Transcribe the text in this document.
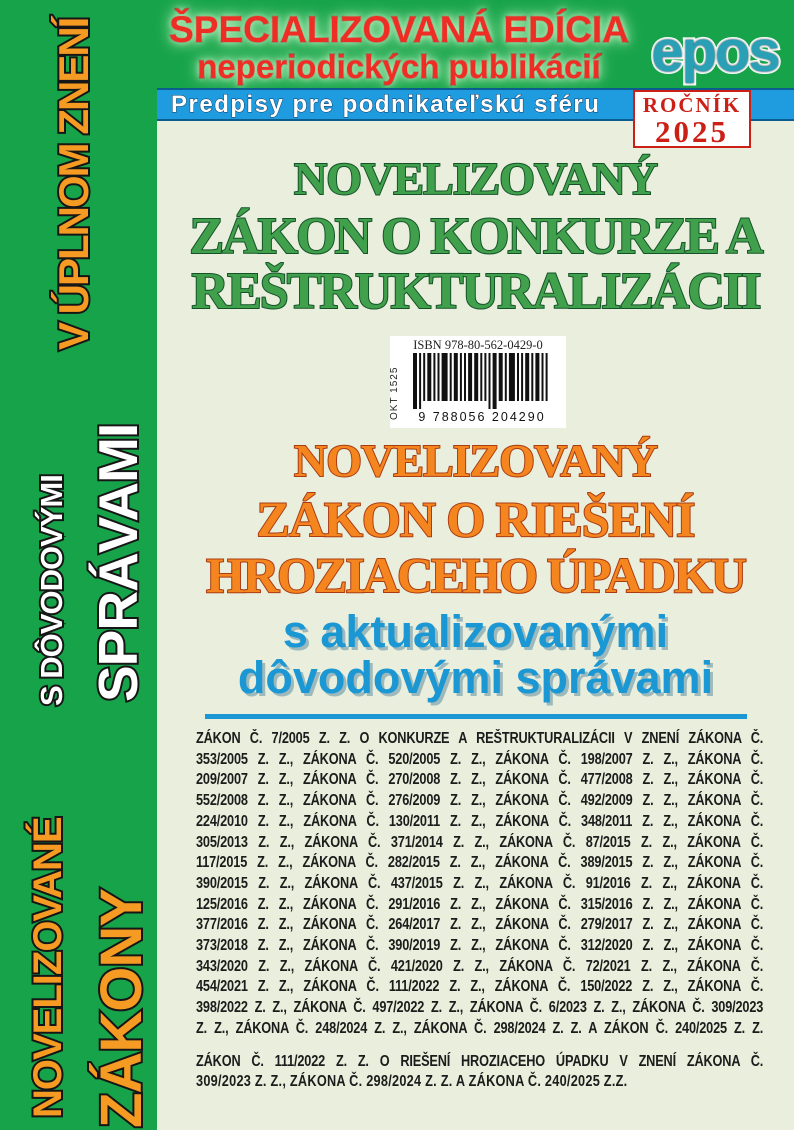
NOVELIZOVANÉ ZÁKONY
S DÔVODOVÝMI SPRÁVAMI
V ÚPLNOM ZNENÍ ŠPECIALIZOVANÁ EDÍCIA
neperiodických publikácií epos
Predpisy pre podnikateľskú sféru	ROČNÍK
2025
NOVELIZOVANÝ
ZÁKON O KONKURZE A
REŠTRUKTURALIZÁCII
ISBN 978-80-562-0429-0
OKT 1525	9 788056 204290
NOVELIZOVANÝ
ZÁKON O RIEŠENÍ
HROZIACEHO ÚPADKU
s aktualizovanými
dôvodovými správami
ZÁKON Č. 7/2005 Z. Z. O KONKURZE A REŠTRUKTURALIZÁCII V ZNENÍ ZÁKONA Č.
353/2005 Z. Z., ZÁKONA Č. 520/2005 Z. Z., ZÁKONA Č. 198/2007 Z. Z., ZÁKONA Č.
209/2007 Z. Z., ZÁKONA Č. 270/2008 Z. Z., ZÁKONA Č. 477/2008 Z. Z., ZÁKONA Č.
552/2008 Z. Z., ZÁKONA Č. 276/2009 Z. Z., ZÁKONA Č. 492/2009 Z. Z., ZÁKONA Č.
224/2010 Z. Z., ZÁKONA Č. 130/2011 Z. Z., ZÁKONA Č. 348/2011 Z. Z., ZÁKONA Č.
305/2013 Z. Z., ZÁKONA Č. 371/2014 Z. Z., ZÁKONA Č. 87/2015 Z. Z., ZÁKONA Č.
117/2015 Z. Z., ZÁKONA Č. 282/2015 Z. Z., ZÁKONA Č. 389/2015 Z. Z., ZÁKONA Č.
390/2015 Z. Z., ZÁKONA Č. 437/2015 Z. Z., ZÁKONA Č. 91/2016 Z. Z., ZÁKONA Č.
125/2016 Z. Z., ZÁKONA Č. 291/2016 Z. Z., ZÁKONA Č. 315/2016 Z. Z., ZÁKONA Č.
377/2016 Z. Z., ZÁKONA Č. 264/2017 Z. Z., ZÁKONA Č. 279/2017 Z. Z., ZÁKONA Č.
373/2018 Z. Z., ZÁKONA Č. 390/2019 Z. Z., ZÁKONA Č. 312/2020 Z. Z., ZÁKONA Č.
343/2020 Z. Z., ZÁKONA Č. 421/2020 Z. Z., ZÁKONA Č. 72/2021 Z. Z., ZÁKONA Č.
454/2021 Z. Z., ZÁKONA Č. 111/2022 Z. Z., ZÁKONA Č. 150/2022 Z. Z., ZÁKONA Č.
398/2022 Z. Z., ZÁKONA Č. 497/2022 Z. Z., ZÁKONA Č. 6/2023 Z. Z., ZÁKONA Č. 309/2023
Z. Z., ZÁKONA Č. 248/2024 Z. Z., ZÁKONA Č. 298/2024 Z. Z. A ZÁKON Č. 240/2025 Z. Z.
ZÁKON Č. 111/2022 Z. Z. O RIEŠENÍ HROZIACEHO ÚPADKU V ZNENÍ ZÁKONA Č.
309/2023 Z. Z., ZÁKONA Č. 298/2024 Z. Z. A ZÁKONA Č. 240/2025 Z.Z.
